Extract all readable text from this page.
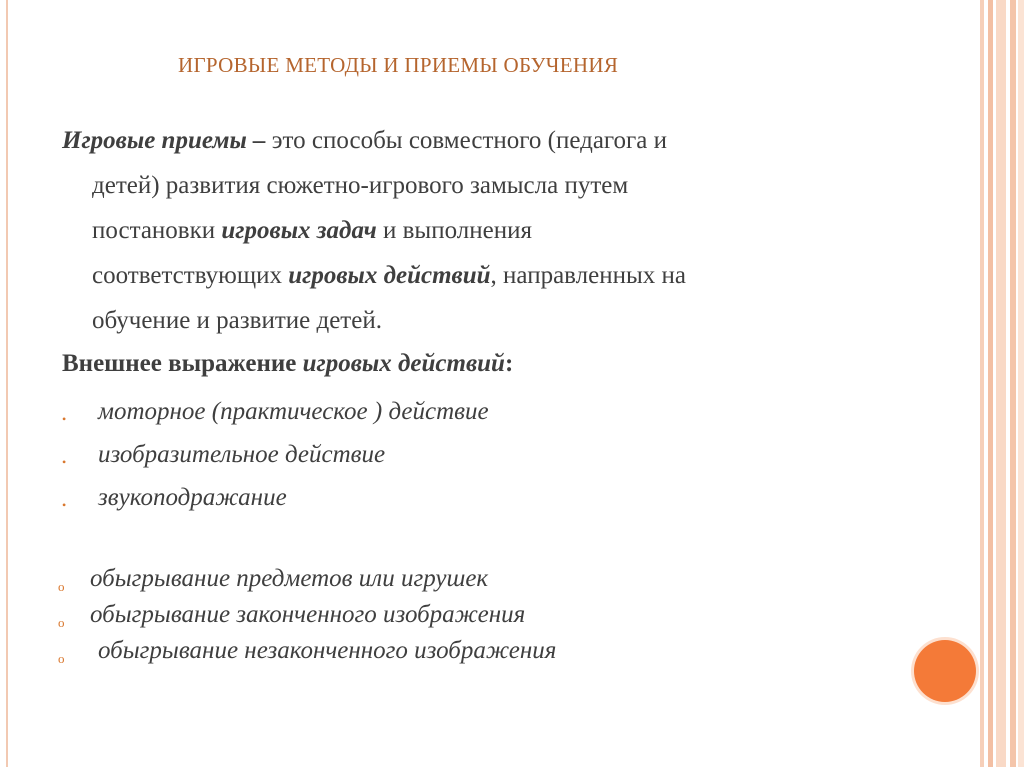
ИГРОВЫЕ МЕТОДЫ И ПРИЕМЫ ОБУЧЕНИЯ
Игровые приемы – это способы совместного (педагога и
детей) развития сюжетно-игрового замысла путем
постановки игровых задач и выполнения
соответствующих игровых действий, направленных на
обучение и развитие детей.
Внешнее выражение игровых действий:
• моторное (практическое ) действие
• изобразительное действие
• звукоподражание
o обыгрывание предметов или игрушек
o обыгрывание законченного изображения
o обыгрывание незаконченного изображения
